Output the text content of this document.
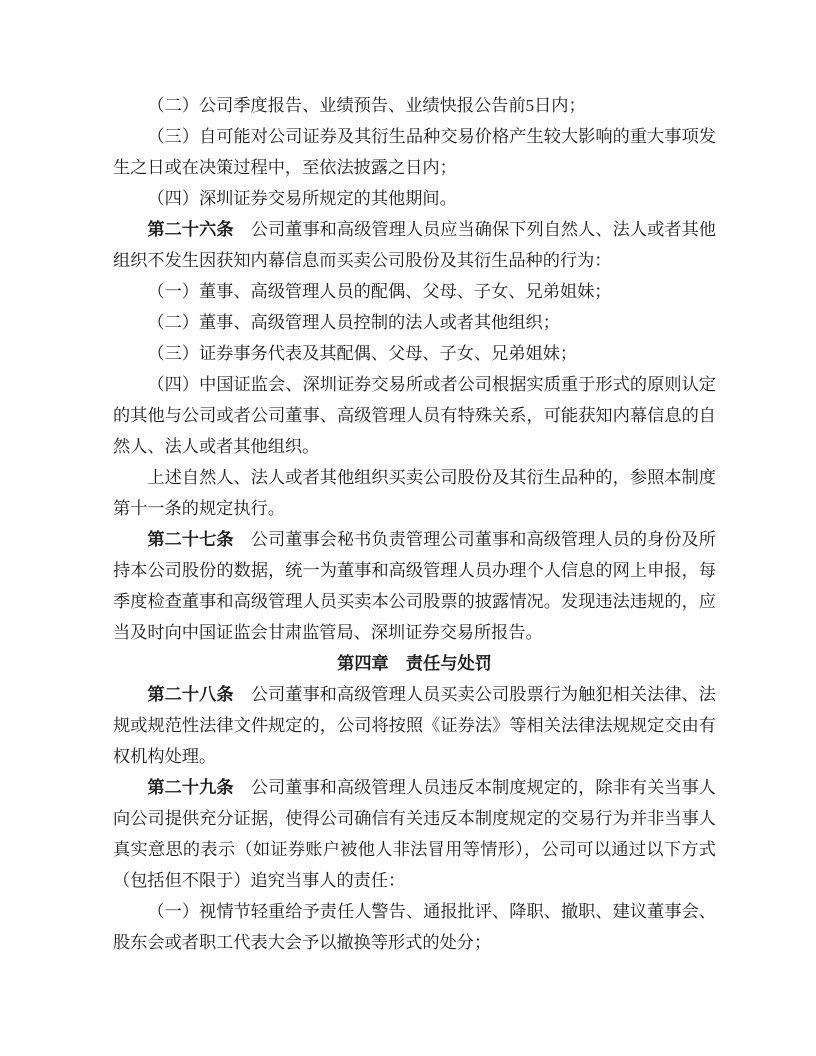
（二）公司季度报告、业绩预告、业绩快报公告前5日内；

（三）自可能对公司证券及其衍生品种交易价格产生较大影响的重大事项发生之日或在决策过程中，至依法披露之日内；

（四）深圳证券交易所规定的其他期间。

第二十六条 公司董事和高级管理人员应当确保下列自然人、法人或者其他组织不发生因获知内幕信息而买卖公司股份及其衍生品种的行为：

（一）董事、高级管理人员的配偶、父母、子女、兄弟姐妹；

（二）董事、高级管理人员控制的法人或者其他组织；

（三）证券事务代表及其配偶、父母、子女、兄弟姐妹；

（四）中国证监会、深圳证券交易所或者公司根据实质重于形式的原则认定的其他与公司或者公司董事、高级管理人员有特殊关系，可能获知内幕信息的自然人、法人或者其他组织。

上述自然人、法人或者其他组织买卖公司股份及其衍生品种的，参照本制度第十一条的规定执行。

第二十七条 公司董事会秘书负责管理公司董事和高级管理人员的身份及所持本公司股份的数据，统一为董事和高级管理人员办理个人信息的网上申报，每季度检查董事和高级管理人员买卖本公司股票的披露情况。发现违法违规的，应当及时向中国证监会甘肃监管局、深圳证券交易所报告。

第四章　责任与处罚

第二十八条 公司董事和高级管理人员买卖公司股票行为触犯相关法律、法规或规范性法律文件规定的，公司将按照《证券法》等相关法律法规规定交由有权机构处理。

第二十九条 公司董事和高级管理人员违反本制度规定的，除非有关当事人向公司提供充分证据，使得公司确信有关违反本制度规定的交易行为并非当事人真实意思的表示（如证券账户被他人非法冒用等情形），公司可以通过以下方式（包括但不限于）追究当事人的责任：

（一）视情节轻重给予责任人警告、通报批评、降职、撤职、建议董事会、股东会或者职工代表大会予以撤换等形式的处分；
